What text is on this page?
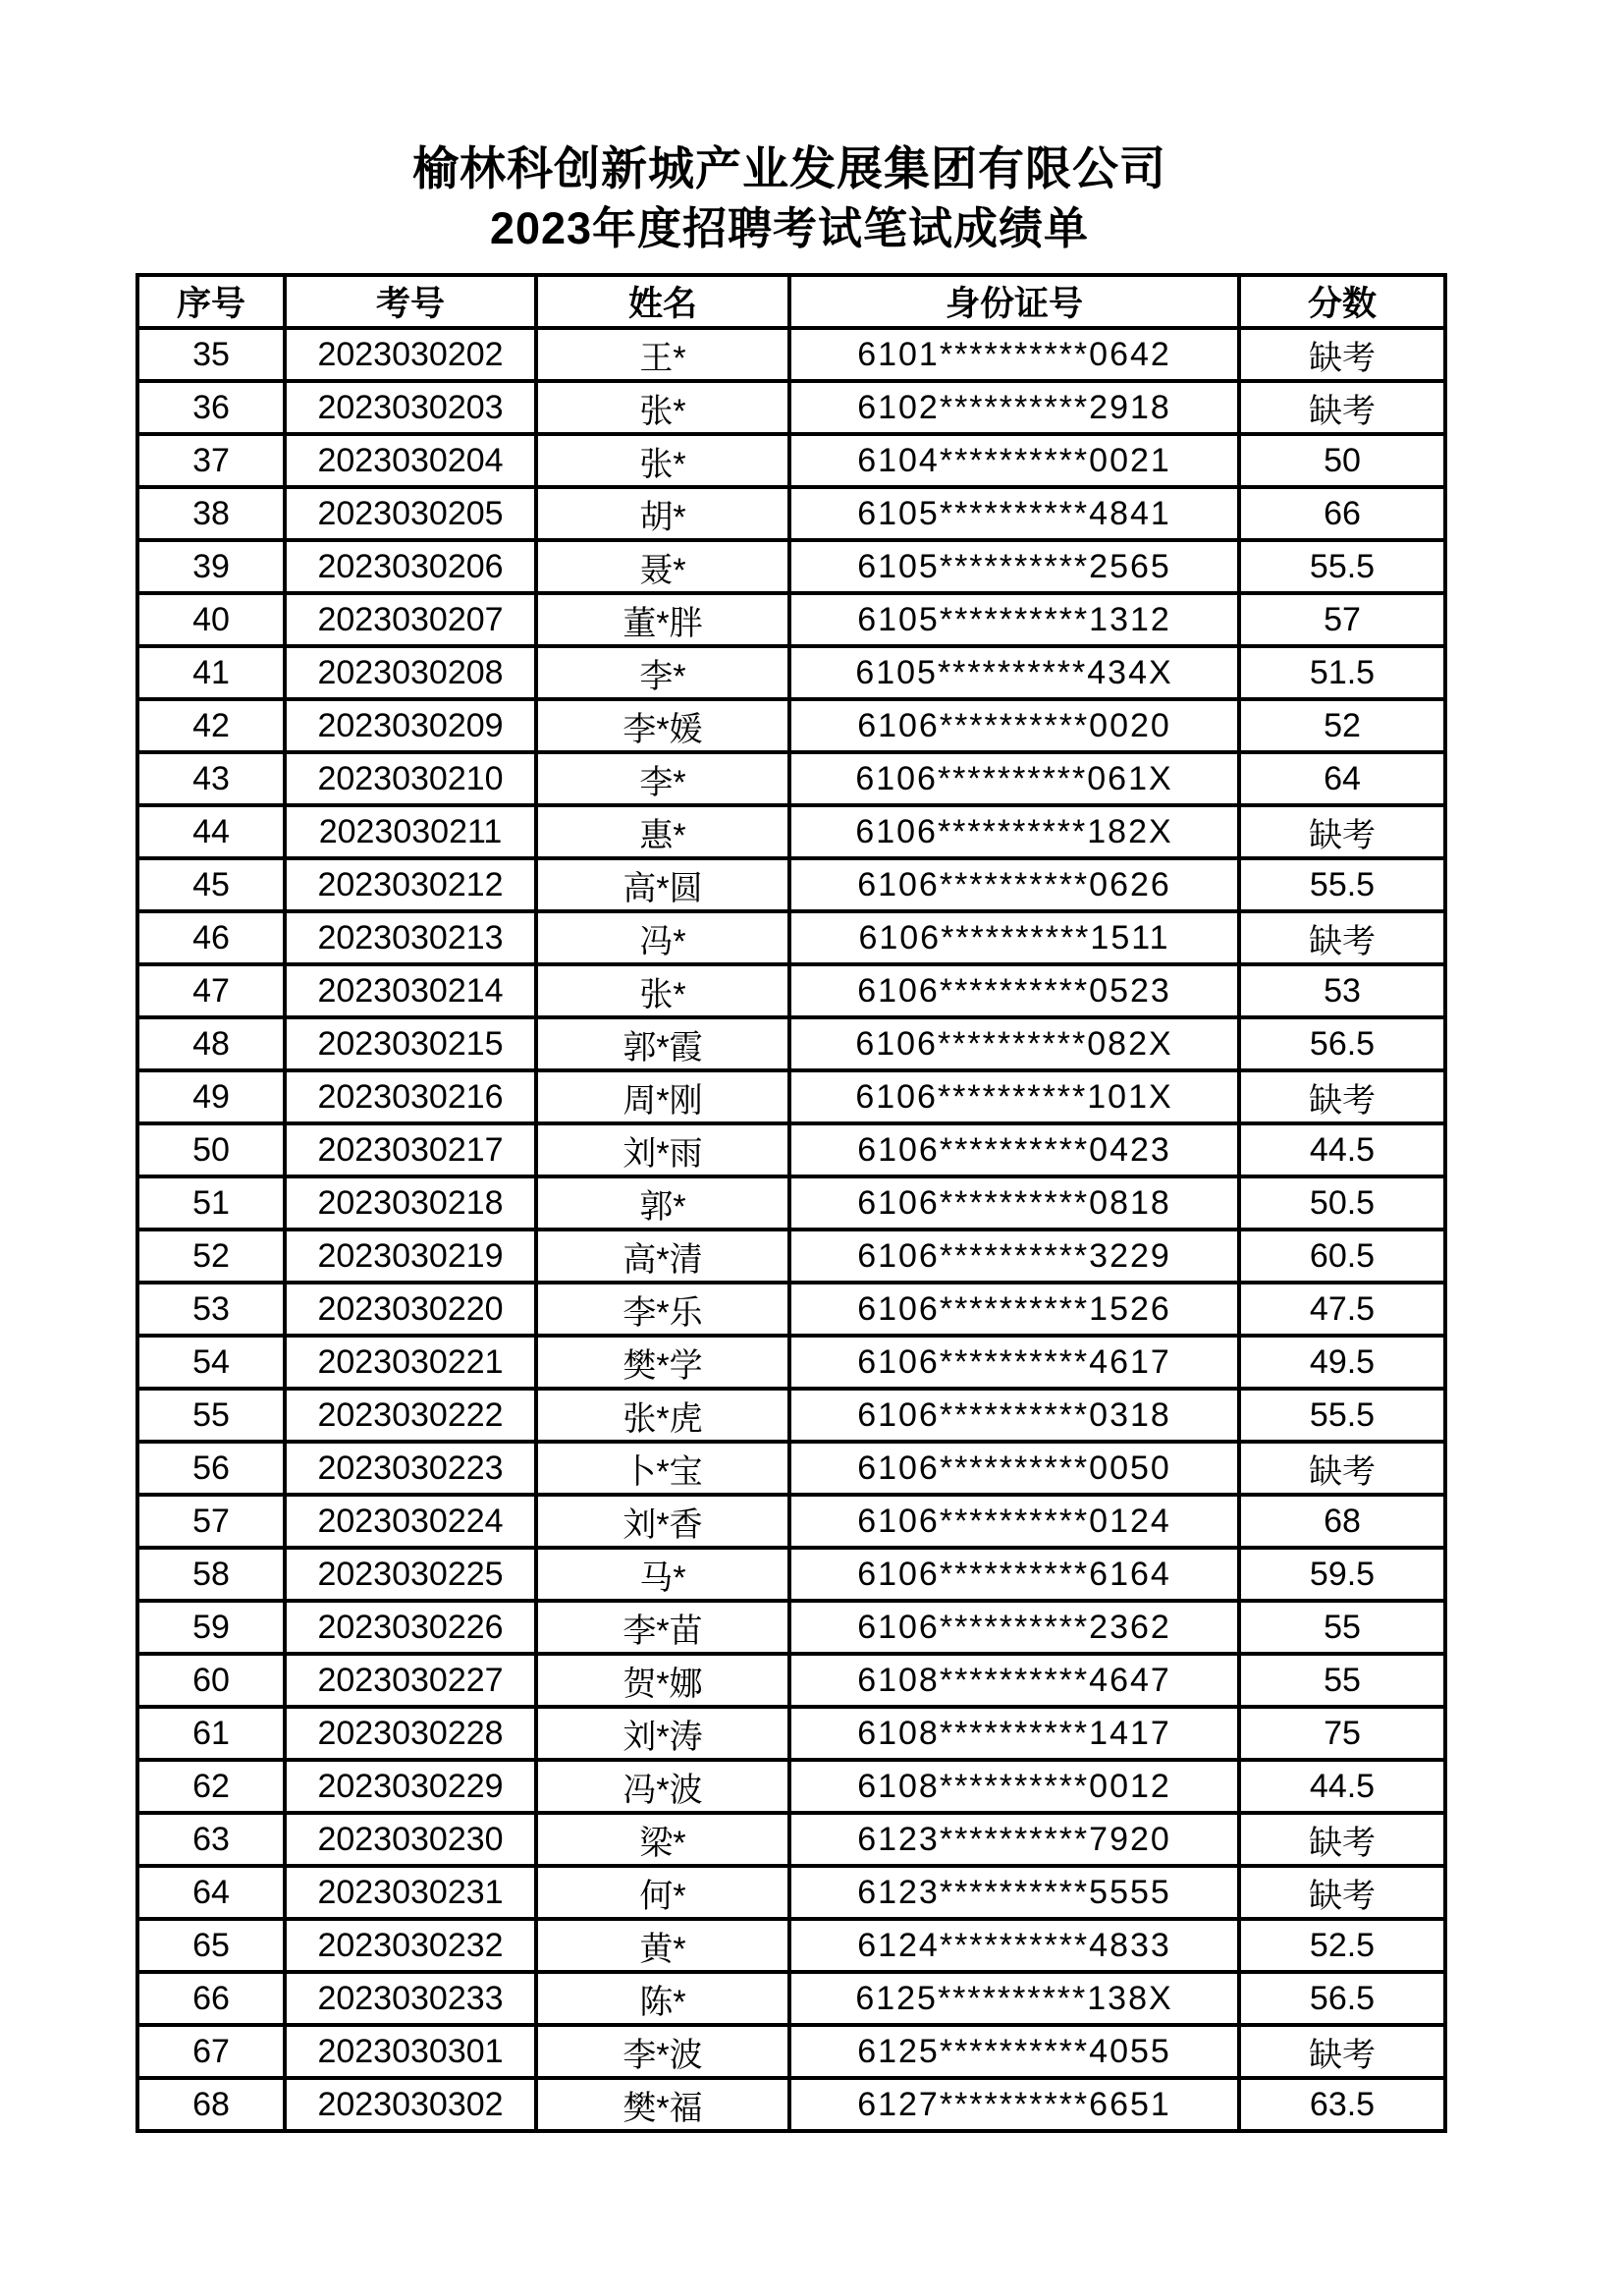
榆林科创新城产业发展集团有限公司
2023年度招聘考试笔试成绩单
序号	考号	姓名	身份证号	分数
35	2023030202	王*	6101**********0642	缺考
36	2023030203	张*	6102**********2918	缺考
37	2023030204	张*	6104**********0021	50
38	2023030205	胡*	6105**********4841	66
39	2023030206	聂*	6105**********2565	55.5
40	2023030207	董*胖	6105**********1312	57
41	2023030208	李*	6105**********434X	51.5
42	2023030209	李*媛	6106**********0020	52
43	2023030210	李*	6106**********061X	64
44	2023030211	惠*	6106**********182X	缺考
45	2023030212	高*圆	6106**********0626	55.5
46	2023030213	冯*	6106**********1511	缺考
47	2023030214	张*	6106**********0523	53
48	2023030215	郭*霞	6106**********082X	56.5
49	2023030216	周*刚	6106**********101X	缺考
50	2023030217	刘*雨	6106**********0423	44.5
51	2023030218	郭*	6106**********0818	50.5
52	2023030219	高*清	6106**********3229	60.5
53	2023030220	李*乐	6106**********1526	47.5
54	2023030221	樊*学	6106**********4617	49.5
55	2023030222	张*虎	6106**********0318	55.5
56	2023030223	卜*宝	6106**********0050	缺考
57	2023030224	刘*香	6106**********0124	68
58	2023030225	马*	6106**********6164	59.5
59	2023030226	李*苗	6106**********2362	55
60	2023030227	贺*娜	6108**********4647	55
61	2023030228	刘*涛	6108**********1417	75
62	2023030229	冯*波	6108**********0012	44.5
63	2023030230	梁*	6123**********7920	缺考
64	2023030231	何*	6123**********5555	缺考
65	2023030232	黄*	6124**********4833	52.5
66	2023030233	陈*	6125**********138X	56.5
67	2023030301	李*波	6125**********4055	缺考
68	2023030302	樊*福	6127**********6651	63.5
